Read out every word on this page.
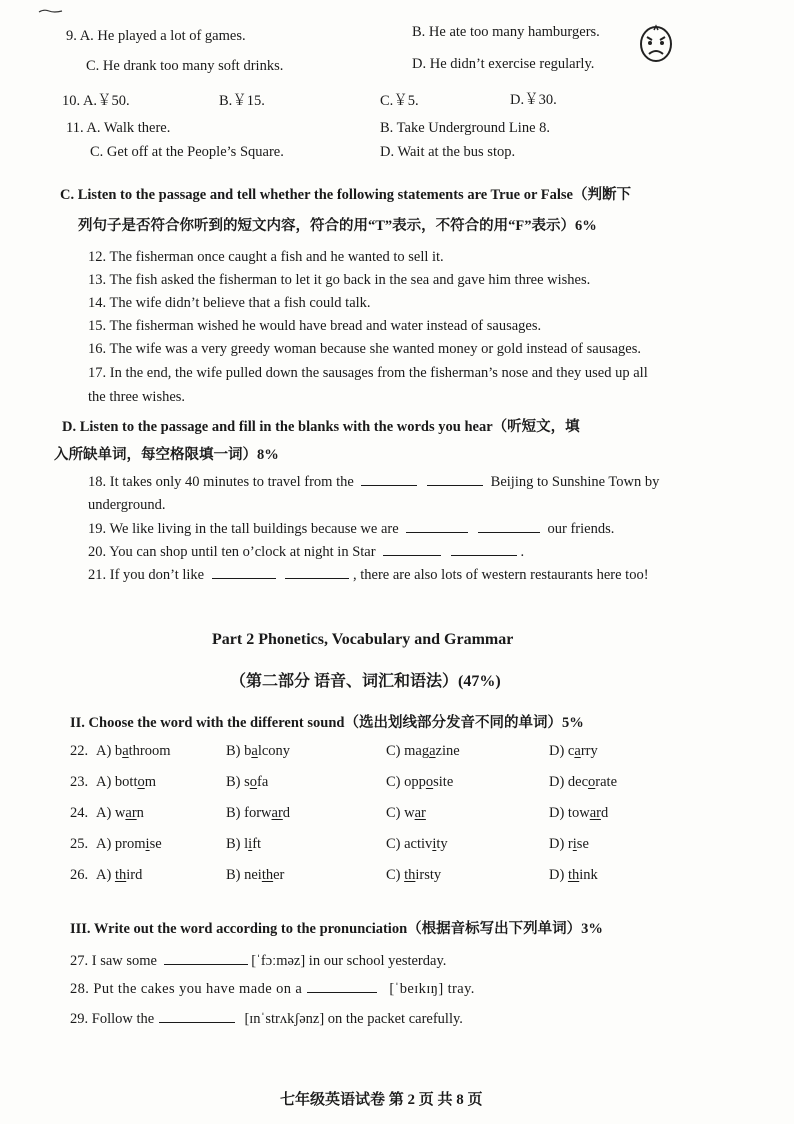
9. A. He played a lot of games.	B. He ate too many hamburgers.
C. He drank too many soft drinks.	D. He didn’t exercise regularly.
10. A.￥50.	B.￥15.	C.￥5.	D.￥30.
11. A. Walk there.	B. Take Underground Line 8.
C. Get off at the People’s Square.	D. Wait at the bus stop.
C. Listen to the passage and tell whether the following statements are True or False（判断下
列句子是否符合你听到的短文内容，符合的用“T”表示，不符合的用“F”表示）6%
12. The fisherman once caught a fish and he wanted to sell it.
13. The fish asked the fisherman to let it go back in the sea and gave him three wishes.
14. The wife didn’t believe that a fish could talk.
15. The fisherman wished he would have bread and water instead of sausages.
16. The wife was a very greedy woman because she wanted money or gold instead of sausages.
17. In the end, the wife pulled down the sausages from the fisherman’s nose and they used up all
the three wishes.
D. Listen to the passage and fill in the blanks with the words you hear（听短文，填
入所缺单词，每空格限填一词）8%
18. It takes only 40 minutes to travel from the	Beijing to Sunshine Town by
underground.
19. We like living in the tall buildings because we are	our friends.
20. You can shop until ten o’clock at night in Star	.
21. If you don’t like	, there are also lots of western restaurants here too!
Part 2 Phonetics, Vocabulary and Grammar
（第二部分 语音、词汇和语法）(47%)
II. Choose the word with the different sound（选出划线部分发音不同的单词）5%
22. A) bathroom	B) balcony	C) magazine	D) carry
23. A) bottom	B) sofa	C) opposite	D) decorate
24. A) warn	B) forward	C) war	D) toward
25. A) promise	B) lift	C) activity	D) rise
26. A) third	B) neither	C) thirsty	D) think
III. Write out the word according to the pronunciation（根据音标写出下列单词）3%
27. I saw some	[ˈfɔːməz] in our school yesterday.
28. Put the cakes you have made on a	[ˈbeɪkɪŋ] tray.
29. Follow the	[ɪnˈstrʌkʃənz] on the packet carefully.
七年级英语试卷 第 2 页 共 8 页
